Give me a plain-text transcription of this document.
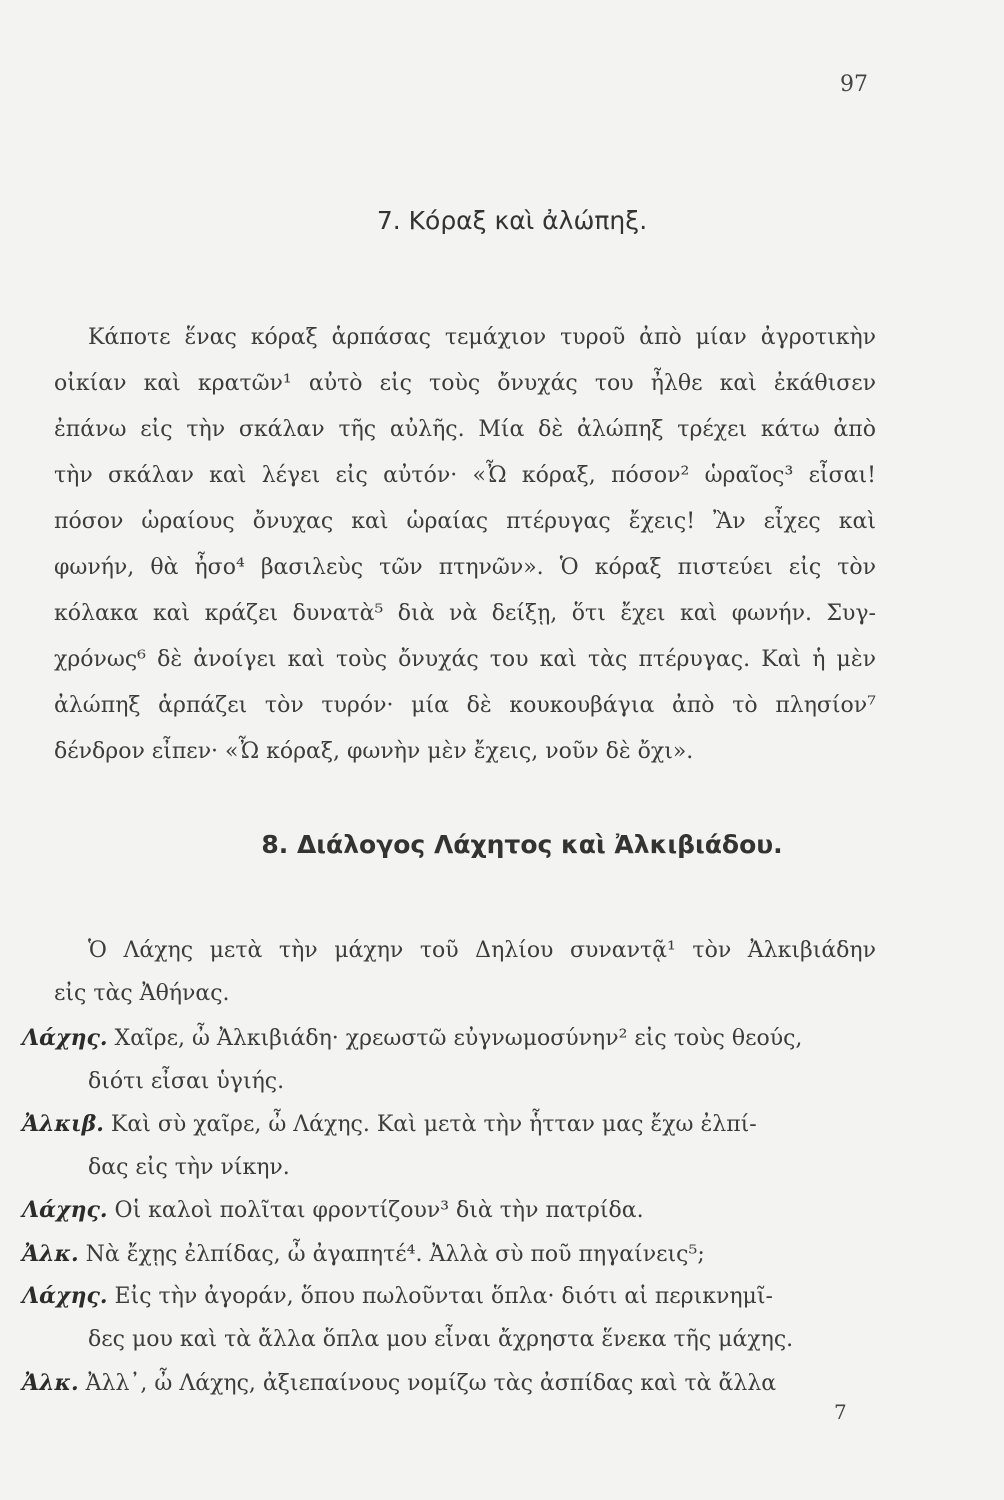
97
7. Κόραξ καὶ ἀλώπηξ.
Κάποτε ἕνας κόραξ ἁρπάσας τεμάχιον τυροῦ ἀπὸ μίαν ἀγροτικὴν
οἰκίαν καὶ κρατῶν¹ αὐτὸ εἰς τοὺς ὄνυχάς του ἦλθε καὶ ἐκάθισεν
ἐπάνω εἰς τὴν σκάλαν τῆς αὐλῆς. Μία δὲ ἀλώπηξ τρέχει κάτω ἀπὸ
τὴν σκάλαν καὶ λέγει εἰς αὐτόν· «Ὦ κόραξ, πόσον² ὡραῖος³ εἶσαι!
πόσον ὡραίους ὄνυχας καὶ ὡραίας πτέρυγας ἔχεις! Ἂν εἶχες καὶ
φωνήν, θὰ ἦσο⁴ βασιλεὺς τῶν πτηνῶν». Ὁ κόραξ πιστεύει εἰς τὸν
κόλακα καὶ κράζει δυνατὰ⁵ διὰ νὰ δείξῃ, ὅτι ἔχει καὶ φωνήν. Συγ-
χρόνως⁶ δὲ ἀνοίγει καὶ τοὺς ὄνυχάς του καὶ τὰς πτέρυγας. Καὶ ἡ μὲν
ἀλώπηξ ἁρπάζει τὸν τυρόν· μία δὲ κουκουβάγια ἀπὸ τὸ πλησίον⁷
δένδρον εἶπεν· «Ὦ κόραξ, φωνὴν μὲν ἔχεις, νοῦν δὲ ὄχι».
8. Διάλογος Λάχητος καὶ Ἀλκιβιάδου.
Ὁ Λάχης μετὰ τὴν μάχην τοῦ Δηλίου συναντᾷ¹ τὸν Ἀλκιβιάδην
εἰς τὰς Ἀθήνας.
Λάχης. Χαῖρε, ὦ Ἀλκιβιάδη· χρεωστῶ εὐγνωμοσύνην² εἰς τοὺς θεούς,
διότι εἶσαι ὑγιής.
Ἀλκιβ. Καὶ σὺ χαῖρε, ὦ Λάχης. Καὶ μετὰ τὴν ἧτταν μας ἔχω ἐλπί-
δας εἰς τὴν νίκην.
Λάχης. Οἱ καλοὶ πολῖται φροντίζουν³ διὰ τὴν πατρίδα.
Ἀλκ. Νὰ ἔχῃς ἐλπίδας, ὦ ἀγαπητέ⁴. Ἀλλὰ σὺ ποῦ πηγαίνεις⁵;
Λάχης. Εἰς τὴν ἀγοράν, ὅπου πωλοῦνται ὅπλα· διότι αἱ περικνημῖ-
δες μου καὶ τὰ ἄλλα ὅπλα μου εἶναι ἄχρηστα ἕνεκα τῆς μάχης.
Ἀλκ. Ἀλλ᾽, ὦ Λάχης, ἀξιεπαίνους νομίζω τὰς ἀσπίδας καὶ τὰ ἄλλα
7
